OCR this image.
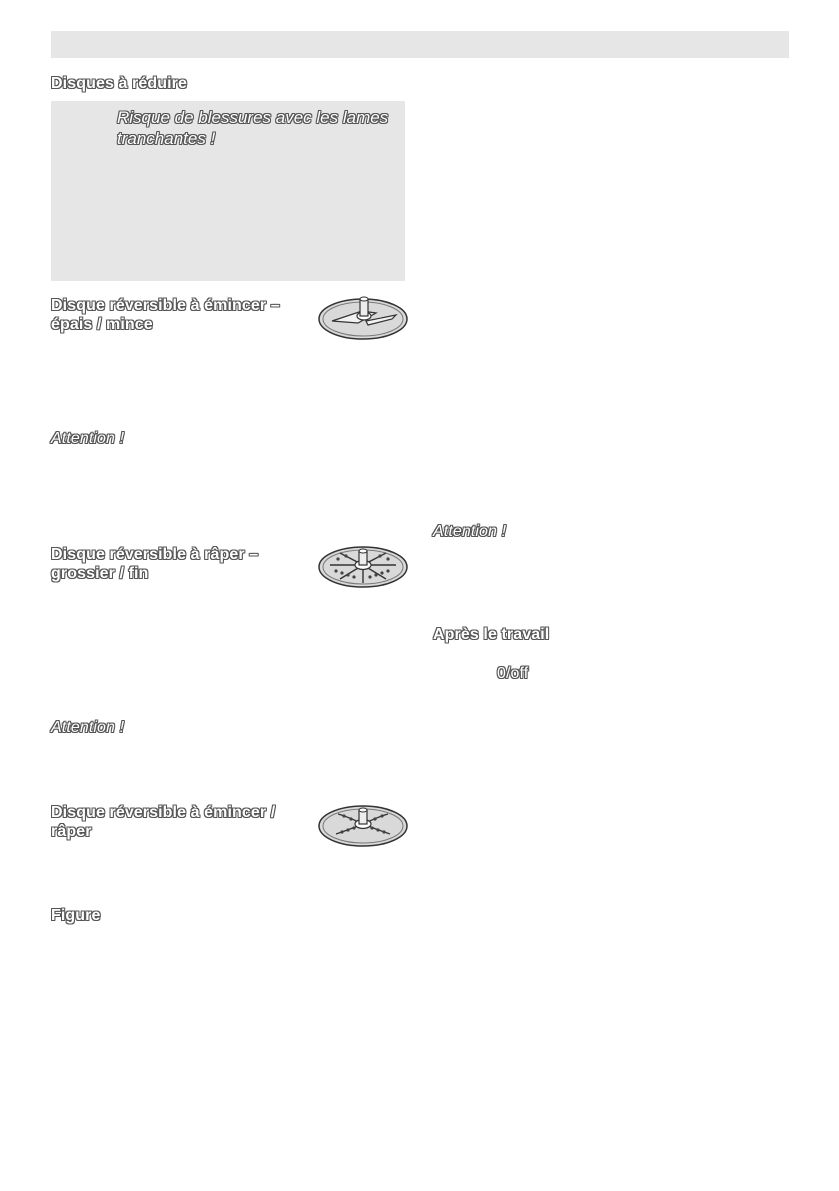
Disques à réduire
Risque de blessures avec les lames tranchantes !
Disque réversible à émincer –
épais / mince
Attention !
Disque réversible à râper –
grossier / fin
Attention !
Disque réversible à émincer /
râper
Figure
Attention !
Après le travail
0/off
